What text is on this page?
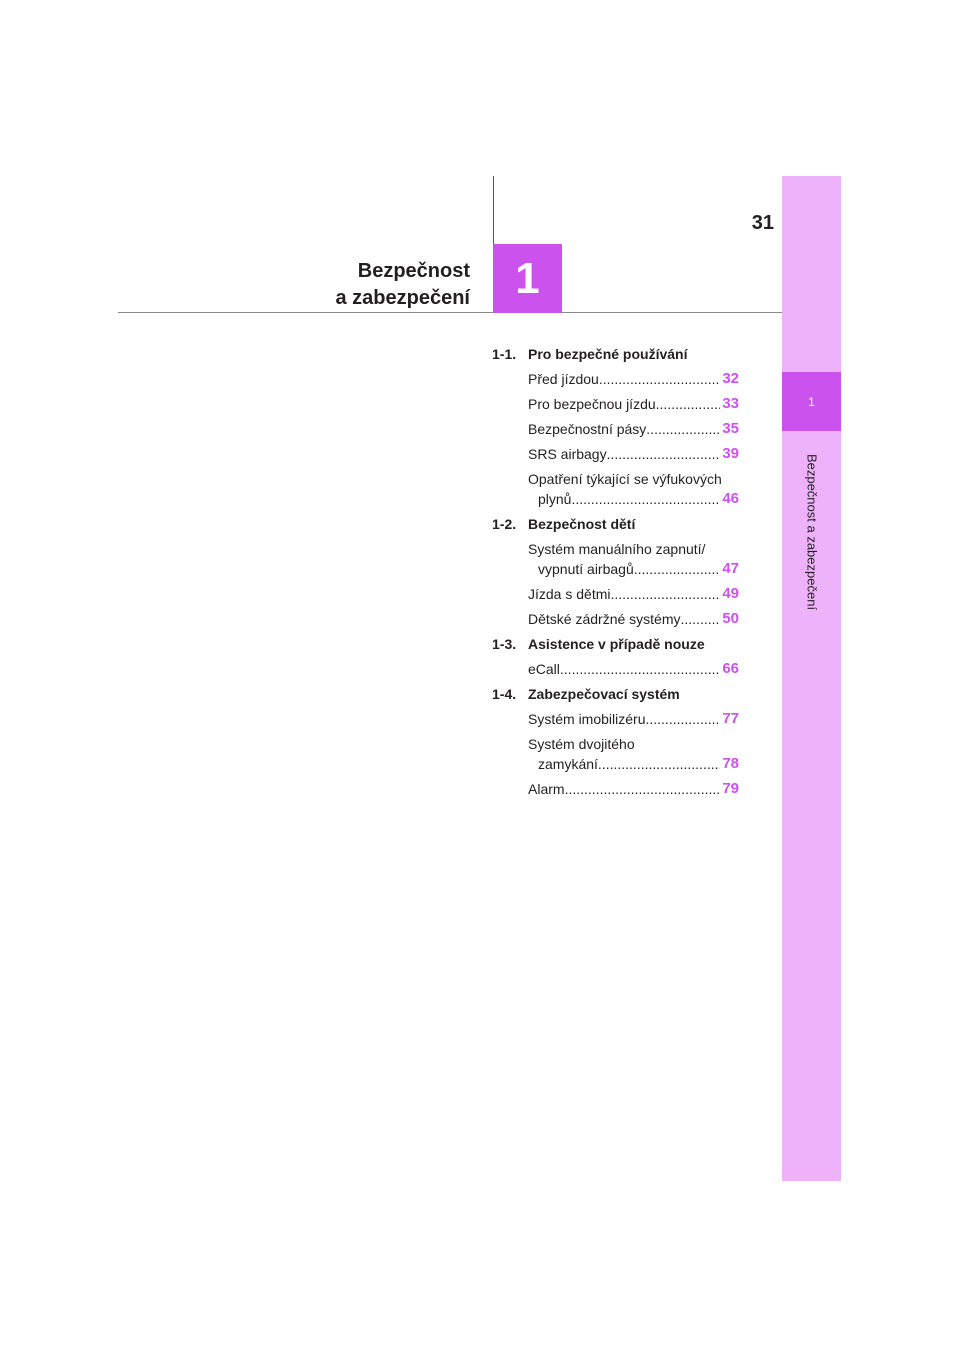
31
Bezpečnost
a zabezpečení	1
1
Bezpečnost a zabezpečení
1-1. Pro bezpečné používání
Před jízdou .....	32
Pro bezpečnou jízdu .....	33
Bezpečnostní pásy .....	35
SRS airbagy .....	39
Opatření týkající se výfukových
plynů .....	46
1-2. Bezpečnost dětí
Systém manuálního zapnutí/
vypnutí airbagů .....	47
Jízda s dětmi .....	49
Dětské zádržné systémy .....	50
1-3. Asistence v případě nouze
eCall .....	66
1-4. Zabezpečovací systém
Systém imobilizéru .....	77
Systém dvojitého
zamykání .....	78
Alarm .....	79
